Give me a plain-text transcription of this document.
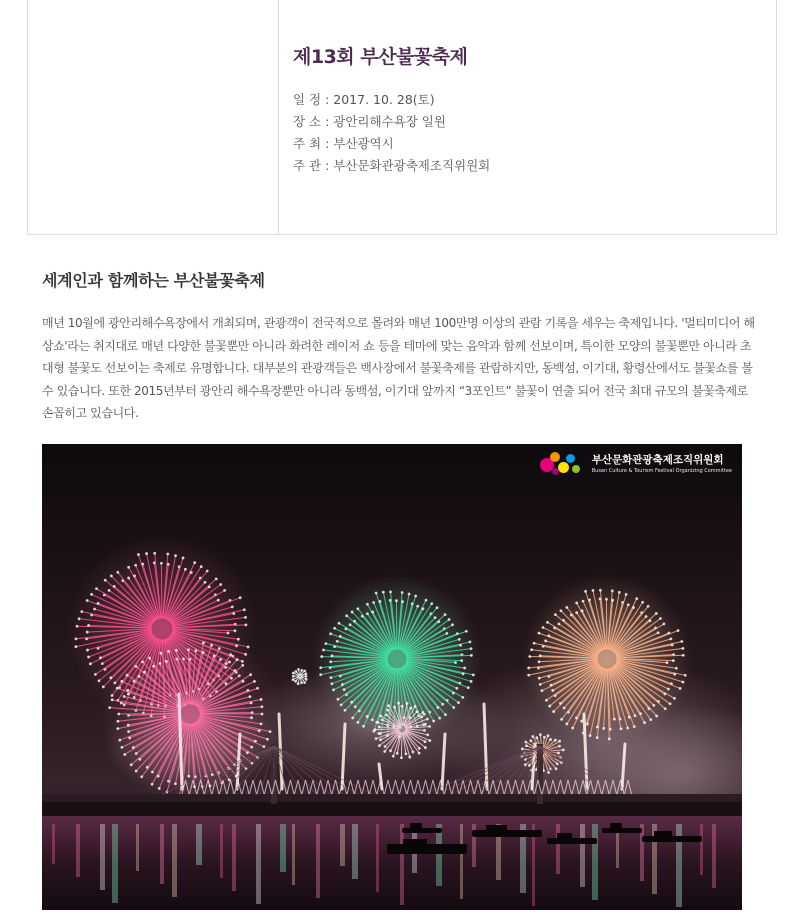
제13회 부산불꽃축제
일 정 : 2017. 10. 28(토)
장 소 : 광안리해수욕장 일원
주 최 : 부산광역시
주 관 : 부산문화관광축제조직위원회
세계인과 함께하는 부산불꽃축제

매년 10월에 광안리해수욕장에서 개최되며, 관광객이 전국적으로 몰려와 매년 100만명 이상의 관람 기록을 세우는 축제입니다. '멀티미디어 해상쇼'라는 취지대로 매년 다양한 불꽃뿐만 아니라 화려한 레이저 쇼 등을 테마에 맞는 음악과 함께 선보이며, 특이한 모양의 불꽃뿐만 아니라 초대형 불꽃도 선보이는 축제로 유명합니다. 대부분의 관광객들은 백사장에서 불꽃축제를 관람하지만, 동백섬, 이기대, 황령산에서도 불꽃쇼를 볼 수 있습니다. 또한 2015년부터 광안리 해수욕장뿐만 아니라 동백섬, 이기대 앞까지 “3포인트” 불꽃이 연출 되어 전국 최대 규모의 불꽃축제로 손꼽히고 있습니다.

부산문화관광축제조직위원회
Busan Culture & Tourism Festival Organizing Committee
